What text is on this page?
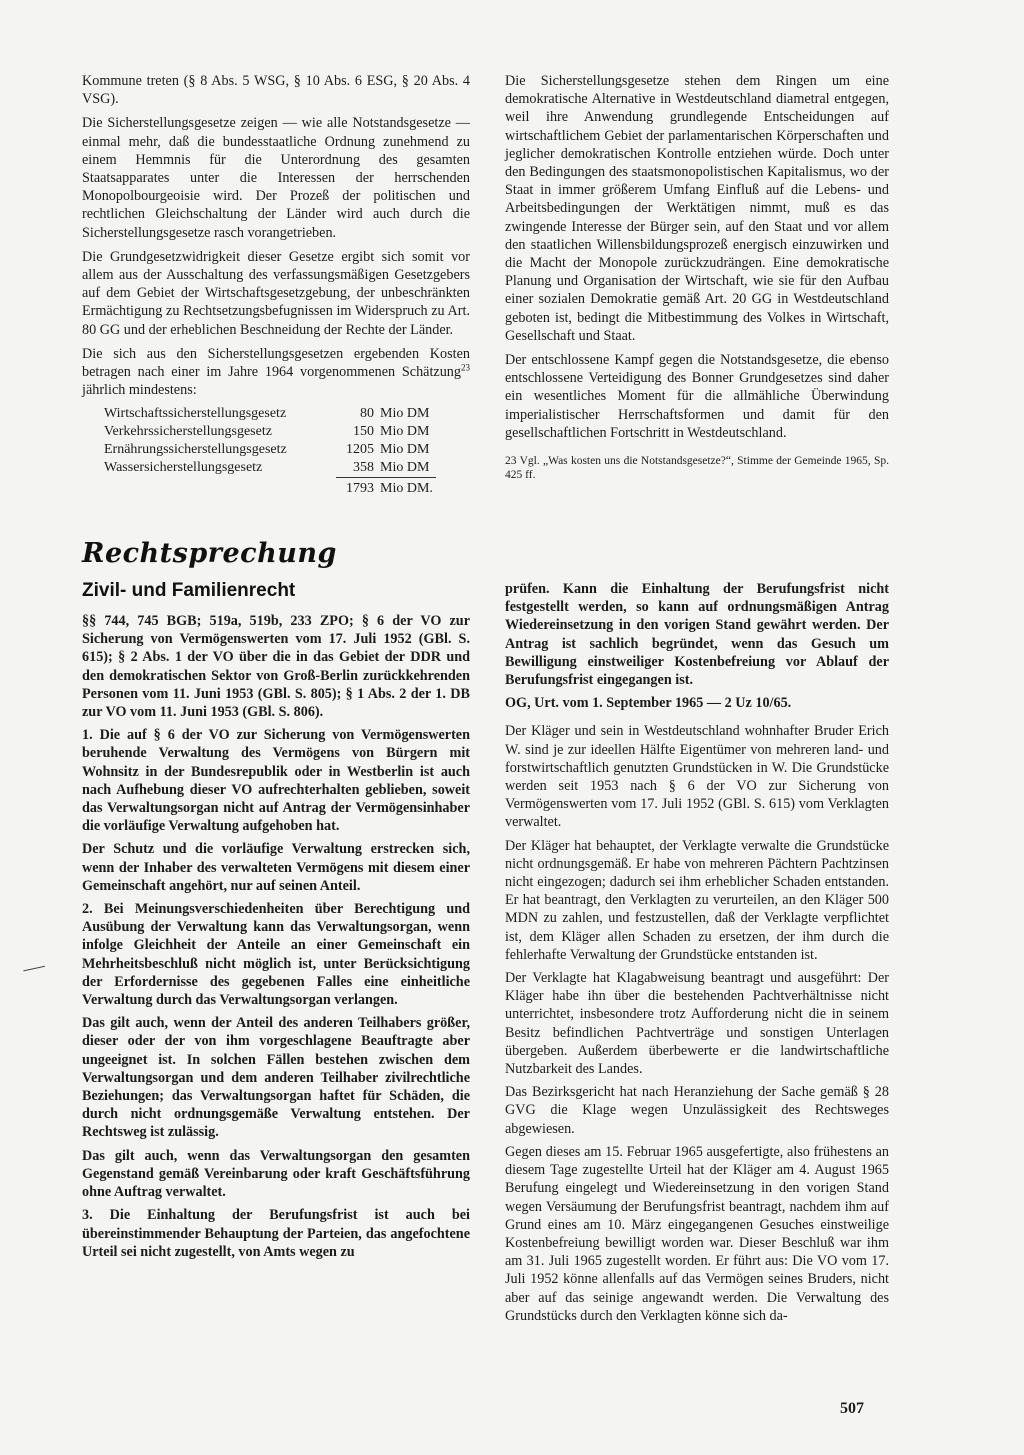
Kommune treten (§ 8 Abs. 5 WSG, § 10 Abs. 6 ESG, § 20 Abs. 4 VSG).

Die Sicherstellungsgesetze zeigen — wie alle Notstandsgesetze — einmal mehr, daß die bundesstaatliche Ordnung zunehmend zu einem Hemmnis für die Unterordnung des gesamten Staatsapparates unter die Interessen der herrschenden Monopolbourgeoisie wird. Der Prozeß der politischen und rechtlichen Gleichschaltung der Länder wird auch durch die Sicherstellungsgesetze rasch vorangetrieben.

Die Grundgesetzwidrigkeit dieser Gesetze ergibt sich somit vor allem aus der Ausschaltung des verfassungsmäßigen Gesetzgebers auf dem Gebiet der Wirtschaftsgesetzgebung, der unbeschränkten Ermächtigung zu Rechtsetzungsbefugnissen im Widerspruch zu Art. 80 GG und der erheblichen Beschneidung der Rechte der Länder.

Die sich aus den Sicherstellungsgesetzen ergebenden Kosten betragen nach einer im Jahre 1964 vorgenommenen Schätzung$^{23}$ jährlich mindestens:

Wirtschaftssicherstellungsgesetz	80 Mio DM
Verkehrssicherstellungsgesetz	150 Mio DM
Ernährungssicherstellungsgesetz	1205 Mio DM
Wassersicherstellungsgesetz	358 Mio DM
1793 Mio DM.

Die Sicherstellungsgesetze stehen dem Ringen um eine demokratische Alternative in Westdeutschland diametral entgegen, weil ihre Anwendung grundlegende Entscheidungen auf wirtschaftlichem Gebiet der parlamentarischen Körperschaften und jeglicher demokratischen Kontrolle entziehen würde. Doch unter den Bedingungen des staatsmonopolistischen Kapitalismus, wo der Staat in immer größerem Umfang Einfluß auf die Lebens- und Arbeitsbedingungen der Werktätigen nimmt, muß es das zwingende Interesse der Bürger sein, auf den Staat und vor allem den staatlichen Willensbildungsprozeß energisch einzuwirken und die Macht der Monopole zurückzudrängen. Eine demokratische Planung und Organisation der Wirtschaft, wie sie für den Aufbau einer sozialen Demokratie gemäß Art. 20 GG in Westdeutschland geboten ist, bedingt die Mitbestimmung des Volkes in Wirtschaft, Gesellschaft und Staat.

Der entschlossene Kampf gegen die Notstandsgesetze, die ebenso entschlossene Verteidigung des Bonner Grundgesetzes sind daher ein wesentliches Moment für die allmähliche Überwindung imperialistischer Herrschaftsformen und damit für den gesellschaftlichen Fortschritt in Westdeutschland.

23 Vgl. „Was kosten uns die Notstandsgesetze?“, Stimme der Gemeinde 1965, Sp. 425 ff.

Rechtsprechung
Zivil- und Familienrecht

§§ 744, 745 BGB; 519a, 519b, 233 ZPO; § 6 der VO zur Sicherung von Vermögenswerten vom 17. Juli 1952 (GBl. S. 615); § 2 Abs. 1 der VO über die in das Gebiet der DDR und den demokratischen Sektor von Groß-Berlin zurückkehrenden Personen vom 11. Juni 1953 (GBl. S. 805); § 1 Abs. 2 der 1. DB zur VO vom 11. Juni 1953 (GBl. S. 806).

1. Die auf § 6 der VO zur Sicherung von Vermögenswerten beruhende Verwaltung des Vermögens von Bürgern mit Wohnsitz in der Bundesrepublik oder in Westberlin ist auch nach Aufhebung dieser VO aufrechterhalten geblieben, soweit das Verwaltungsorgan nicht auf Antrag der Vermögensinhaber die vorläufige Verwaltung aufgehoben hat.

Der Schutz und die vorläufige Verwaltung erstrecken sich, wenn der Inhaber des verwalteten Vermögens mit diesem einer Gemeinschaft angehört, nur auf seinen Anteil.

2. Bei Meinungsverschiedenheiten über Berechtigung und Ausübung der Verwaltung kann das Verwaltungsorgan, wenn infolge Gleichheit der Anteile an einer Gemeinschaft ein Mehrheitsbeschluß nicht möglich ist, unter Berücksichtigung der Erfordernisse des gegebenen Falles eine einheitliche Verwaltung durch das Verwaltungsorgan verlangen.

Das gilt auch, wenn der Anteil des anderen Teilhabers größer, dieser oder der von ihm vorgeschlagene Beauftragte aber ungeeignet ist. In solchen Fällen bestehen zwischen dem Verwaltungsorgan und dem anderen Teilhaber zivilrechtliche Beziehungen; das Verwaltungsorgan haftet für Schäden, die durch nicht ordnungsgemäße Verwaltung entstehen. Der Rechtsweg ist zulässig.

Das gilt auch, wenn das Verwaltungsorgan den gesamten Gegenstand gemäß Vereinbarung oder kraft Geschäftsführung ohne Auftrag verwaltet.

3. Die Einhaltung der Berufungsfrist ist auch bei übereinstimmender Behauptung der Parteien, das angefochtene Urteil sei nicht zugestellt, von Amts wegen zu

prüfen. Kann die Einhaltung der Berufungsfrist nicht festgestellt werden, so kann auf ordnungsmäßigen Antrag Wiedereinsetzung in den vorigen Stand gewährt werden. Der Antrag ist sachlich begründet, wenn das Gesuch um Bewilligung einstweiliger Kostenbefreiung vor Ablauf der Berufungsfrist eingegangen ist.

OG, Urt. vom 1. September 1965 — 2 Uz 10/65.

Der Kläger und sein in Westdeutschland wohnhafter Bruder Erich W. sind je zur ideellen Hälfte Eigentümer von mehreren land- und forstwirtschaftlich genutzten Grundstücken in W. Die Grundstücke werden seit 1953 nach § 6 der VO zur Sicherung von Vermögenswerten vom 17. Juli 1952 (GBl. S. 615) vom Verklagten verwaltet.

Der Kläger hat behauptet, der Verklagte verwalte die Grundstücke nicht ordnungsgemäß. Er habe von mehreren Pächtern Pachtzinsen nicht eingezogen; dadurch sei ihm erheblicher Schaden entstanden. Er hat beantragt, den Verklagten zu verurteilen, an den Kläger 500 MDN zu zahlen, und festzustellen, daß der Verklagte verpflichtet ist, dem Kläger allen Schaden zu ersetzen, der ihm durch die fehlerhafte Verwaltung der Grundstücke entstanden ist.

Der Verklagte hat Klagabweisung beantragt und ausgeführt: Der Kläger habe ihn über die bestehenden Pachtverhältnisse nicht unterrichtet, insbesondere trotz Aufforderung nicht die in seinem Besitz befindlichen Pachtverträge und sonstigen Unterlagen übergeben. Außerdem überbewerte er die landwirtschaftliche Nutzbarkeit des Landes.

Das Bezirksgericht hat nach Heranziehung der Sache gemäß § 28 GVG die Klage wegen Unzulässigkeit des Rechtsweges abgewiesen.

Gegen dieses am 15. Februar 1965 ausgefertigte, also frühestens an diesem Tage zugestellte Urteil hat der Kläger am 4. August 1965 Berufung eingelegt und Wiedereinsetzung in den vorigen Stand wegen Versäumung der Berufungsfrist beantragt, nachdem ihm auf Grund eines am 10. März eingegangenen Gesuches einstweilige Kostenbefreiung bewilligt worden war. Dieser Beschluß war ihm am 31. Juli 1965 zugestellt worden. Er führt aus: Die VO vom 17. Juli 1952 könne allenfalls auf das Vermögen seines Bruders, nicht aber auf das seinige angewandt werden. Die Verwaltung des Grundstücks durch den Verklagten könne sich da-

507
